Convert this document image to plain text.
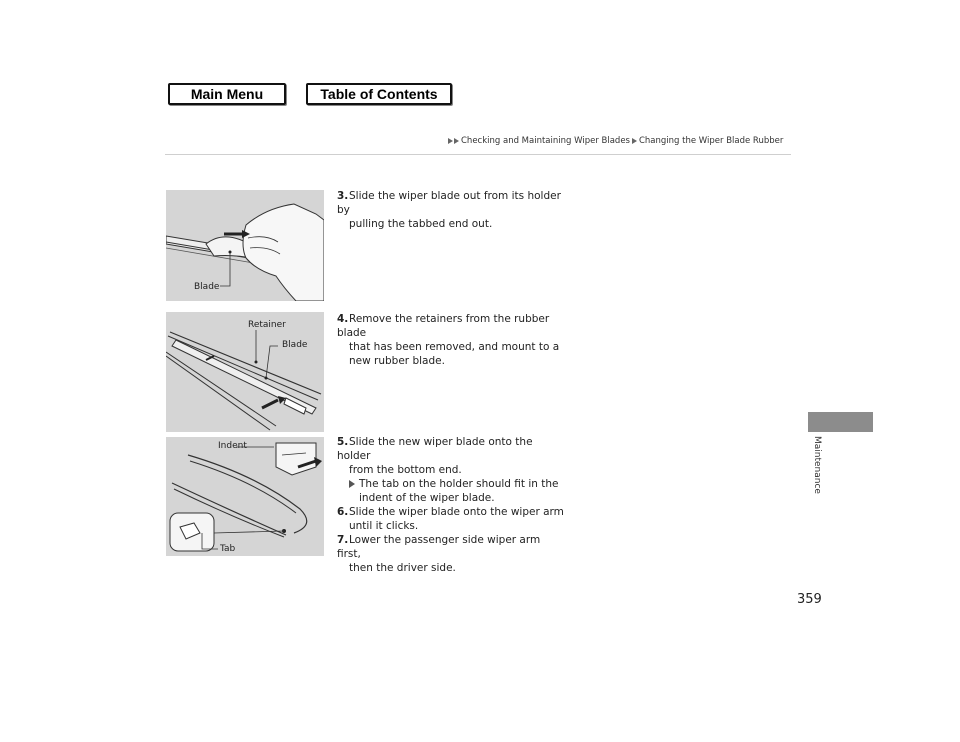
Main Menu	Table of Contents
Checking and Maintaining Wiper Blades Changing the Wiper Blade Rubber
Blade
Retainer
Blade
Indent
Tab
3.Slide the wiper blade out from its holder by
pulling the tabbed end out.
4.Remove the retainers from the rubber blade
that has been removed, and mount to a
new rubber blade.
5.Slide the new wiper blade onto the holder
from the bottom end.
The tab on the holder should fit in the
indent of the wiper blade.
6.Slide the wiper blade onto the wiper arm
until it clicks.
7.Lower the passenger side wiper arm first,
then the driver side.
Maintenance
359
